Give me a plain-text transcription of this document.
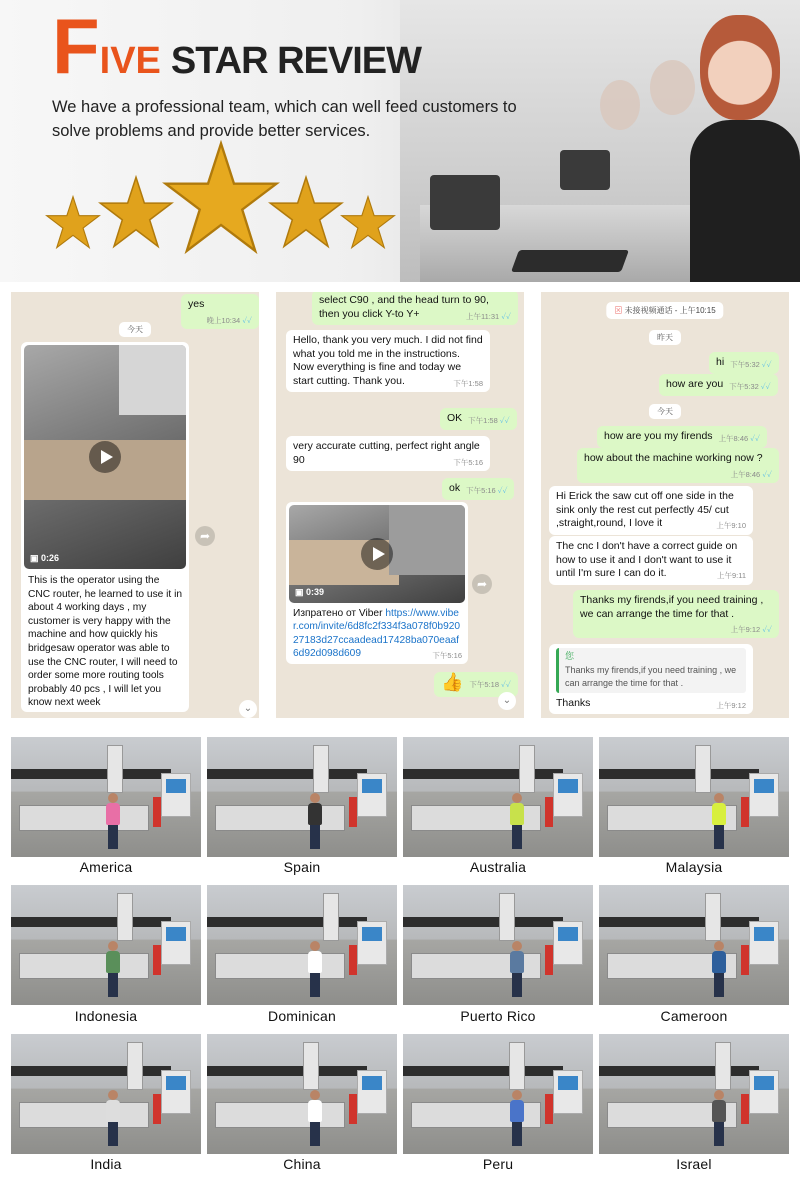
F IVE STAR REVIEW
We have a professional team, which can well feed customers to solve problems and provide better services.
yes
晚上10:34 ✓✓
今天
▣ 0:26
This is the operator using the CNC router, he learned to use it in about 4 working days , my customer is very happy with the machine and how quickly his bridgesaw operator was able to use the CNC router, I will need to order some more routing tools probably 40 pcs , I will let you know next week
➦
⌄
select C90 , and the head turn to 90, then you click Y-to Y+	上午11:31 ✓✓
Hello, thank you very much. I did not find what you told me in the instructions. Now everything is fine and today we start cutting. Thank you.	下午1:58
OK 下午1:58 ✓✓
very accurate cutting, perfect right angle 90	下午5:16
ok 下午5:16 ✓✓
▣ 0:39
Изпратено от Viber https://www.viber.com/invite/6d8fc2f334f3a078f0b92027183d27ccaadead17428ba070eaaf6d92d098d609	下午5:16
➦
👍 下午5:18 ✓✓
⌄
⊠ 未接视频通话 - 上午10:15
昨天
hi 下午5:32 ✓✓
how are you 下午5:32 ✓✓
今天
how are you my firends 上午8:46 ✓✓
how about the machine working now ?
上午8:46 ✓✓
Hi Erick the saw cut off one side in the sink only the rest cut perfectly 45/ cut ,straight,round, I love it	上午9:10
The cnc I don't have a correct guide on how to use it and I don't want to use it until I'm sure I can do it.	上午9:11
Thanks my firends,if you need training , we can arrange the time for that .
上午9:12 ✓✓
您
Thanks my firends,if you need training , we can arrange the time for that .
Thanks	上午9:12
America	Spain	Australia	Malaysia
Indonesia	Dominican	Puerto Rico	Cameroon
India	China	Peru	Israel
